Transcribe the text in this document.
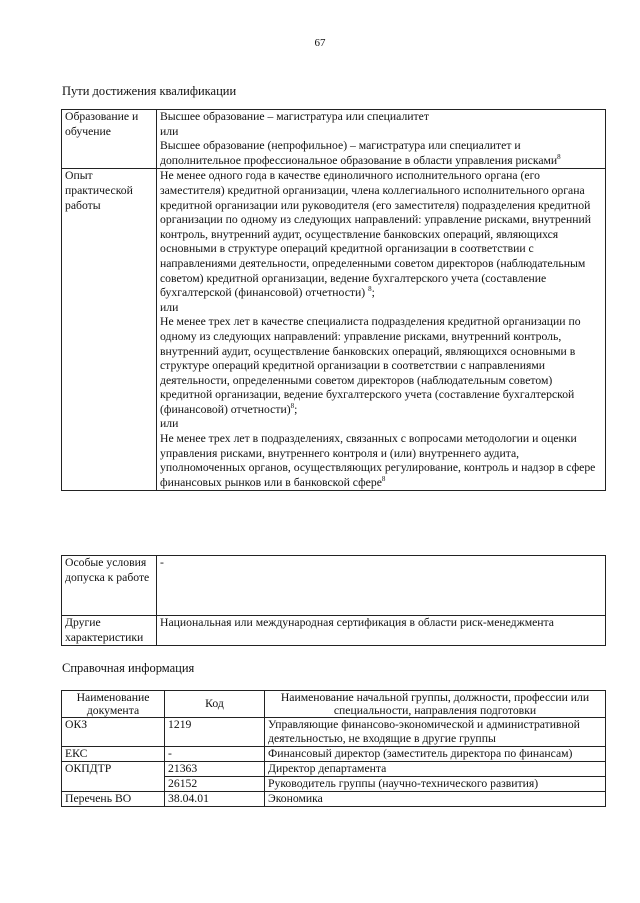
67
Пути достижения квалификации
Образование и обучение	Высшее образование – магистратура или специалитет
или
Высшее образование (непрофильное) – магистратура или специалитет и дополнительное профессиональное образование в области управления рисками$^8$

Опыт практической работы	Не менее одного года в качестве единоличного исполнительного органа (его заместителя) кредитной организации, члена коллегиального исполнительного органа кредитной организации или руководителя (его заместителя) подразделения кредитной организации по одному из следующих направлений: управление рисками, внутренний контроль, внутренний аудит, осуществление банковских операций, являющихся основными в структуре операций кредитной организации в соответствии с направлениями деятельности, определенными советом директоров (наблюдательным советом) кредитной организации, ведение бухгалтерского учета (составление бухгалтерской (финансовой) отчетности) $^8$;
или
Не менее трех лет в качестве специалиста подразделения кредитной организации по одному из следующих направлений: управление рисками, внутренний контроль, внутренний аудит, осуществление банковских операций, являющихся основными в структуре операций кредитной организации в соответствии с направлениями деятельности, определенными советом директоров (наблюдательным советом) кредитной организации, ведение бухгалтерского учета (составление бухгалтерской (финансовой) отчетности)$^8$;
или
Не менее трех лет в подразделениях, связанных с вопросами методологии и оценки управления рисками, внутреннего контроля и (или) внутреннего аудита, уполномоченных органов, осуществляющих регулирование, контроль и надзор в сфере финансовых рынков или в банковской сфере$^8$
Особые условия допуска к работе	-
Другие характеристики	Национальная или международная сертификация в области риск-менеджмента
Справочная информация
Наименование документа	Код	Наименование начальной группы, должности, профессии или специальности, направления подготовки
ОКЗ	1219	Управляющие финансово-экономической и административной деятельностью, не входящие в другие группы
ЕКС	-	Финансовый директор (заместитель директора по финансам)
ОКПДТР	21363	Директор департамента
	26152	Руководитель группы (научно-технического развития)
Перечень ВО	38.04.01	Экономика
